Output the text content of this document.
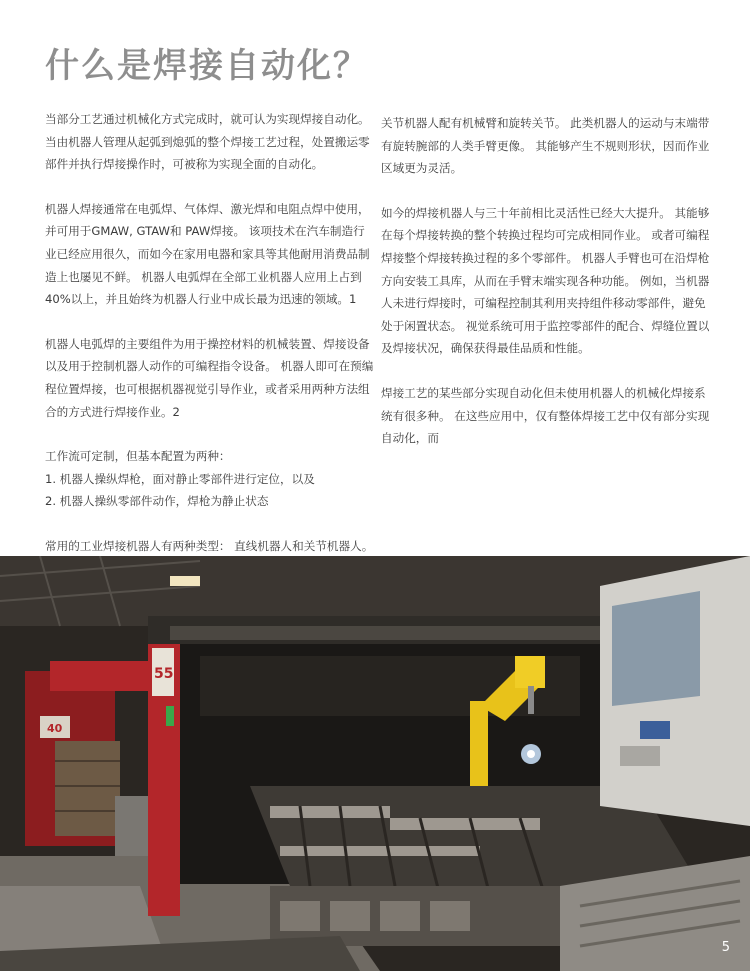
什么是焊接自动化？

当部分工艺通过机械化方式完成时，就可认为实现焊接自动化。 当由机器人管理从起弧到熄弧的整个焊接工艺过程，处置搬运零部件并执行焊接操作时，可被称为实现全面的自动化。

机器人焊接通常在电弧焊、气体焊、激光焊和电阻点焊中使用，并可用于GMAW, GTAW和 PAW焊接。 该项技术在汽车制造行业已经应用很久，而如今在家用电器和家具等其他耐用消费品制造上也屡见不鲜。 机器人电弧焊在全部工业机器人应用上占到40%以上，并且始终为机器人行业中成长最为迅速的领域。1

机器人电弧焊的主要组件为用于操控材料的机械装置、焊接设备以及用于控制机器人动作的可编程指令设备。 机器人即可在预编程位置焊接，也可根据机器视觉引导作业，或者采用两种方法组合的方式进行焊接作业。2

工作流可定制，但基本配置为两种：

1. 机器人操纵焊枪，面对静止零部件进行定位，以及

2. 机器人操纵零部件动作，焊枪为静止状态

常用的工业焊接机器人有两种类型： 直线机器人和关节机器人。

关节机器人配有机械臂和旋转关节。 此类机器人的运动与末端带有旋转腕部的人类手臂更像。 其能够产生不规则形状，因而作业区域更为灵活。

如今的焊接机器人与三十年前相比灵活性已经大大提升。 其能够在每个焊接转换的整个转换过程均可完成相同作业。 或者可编程焊接整个焊接转换过程的多个零部件。 机器人手臂也可在沿焊枪方向安装工具库，从而在手臂末端实现各种功能。 例如，当机器人未进行焊接时，可编程控制其利用夹持组件移动零部件，避免处于闲置状态。 视觉系统可用于监控零部件的配合、焊缝位置以及焊接状况，确保获得最佳品质和性能。

焊接工艺的某些部分实现自动化但未使用机器人的机械化焊接系统有很多种。 在这些应用中，仅有整体焊接工艺中仅有部分实现自动化，而

40
55
5
